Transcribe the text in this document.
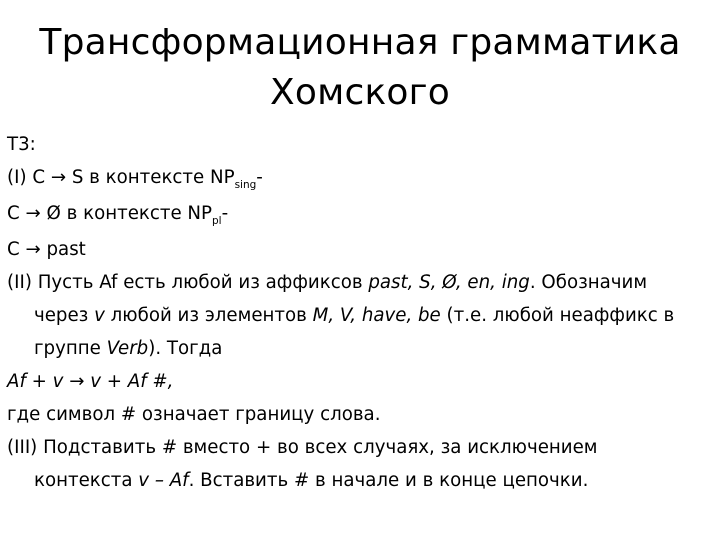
Трансформационная грамматика
Хомского
Т3:
(I) С → S в контексте $NP_{sing}-$
С → Ø в контексте $NP_{pl}-$
С → past
(II) Пусть Af есть любой из аффиксов past, S, Ø, en, ing. Обозначим
через v любой из элементов M, V, have, be (т.е. любой неаффикс в
группе Verb). Тогда
Af + v → v + Af #,
где символ # означает границу слова.
(III) Подставить # вместо + во всех случаях, за исключением
контекста v – Af. Вставить # в начале и в конце цепочки.
